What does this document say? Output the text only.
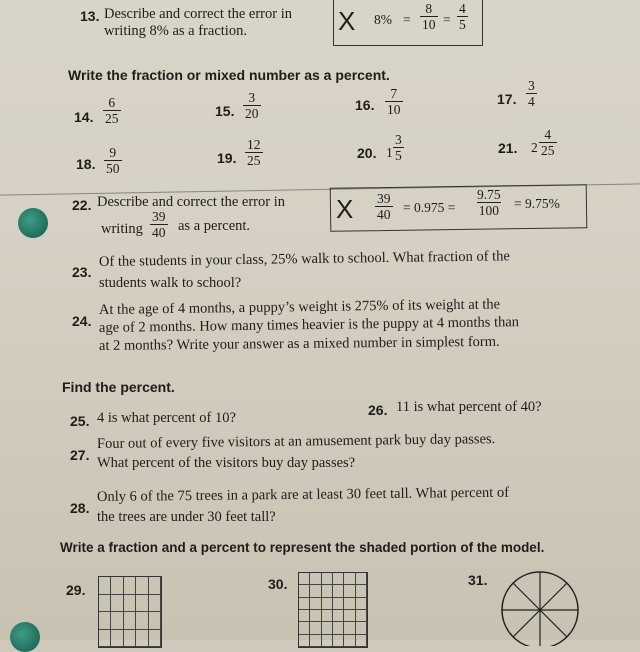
13. Describe and correct the error in
writing 8% as a fraction.	X $8\% = \frac{8}{10} = \frac{4}{5}$
Write the fraction or mixed number as a percent.
14. $\frac{6}{25}$	15. $\frac{3}{20}$	16. $\frac{7}{10}$	17. $\frac{3}{4}$
18. $\frac{9}{50}$	19. $\frac{12}{25}$	20. $1 \frac{3}{5}$	21. $2 \frac{4}{25}$
22. Describe and correct the error in
writing $\frac{39}{40}$ as a percent.
X $\frac{39}{40} = 0.975 = \frac{9.75}{100} = 9.75\%$
23.
Of the students in your class, 25% walk to school. What fraction of the
students walk to school?
24.
At the age of 4 months, a puppy’s weight is 275% of its weight at the
age of 2 months. How many times heavier is the puppy at 4 months than
at 2 months? Write your answer as a mixed number in simplest form.
Find the percent.
25. 4 is what percent of 10?	26. 11 is what percent of 40?
27.
Four out of every five visitors at an amusement park buy day passes.
What percent of the visitors buy day passes?
28.
Only 6 of the 75 trees in a park are at least 30 feet tall. What percent of
the trees are under 30 feet tall?
Write a fraction and a percent to represent the shaded portion of the model.
29.	30.	31.
